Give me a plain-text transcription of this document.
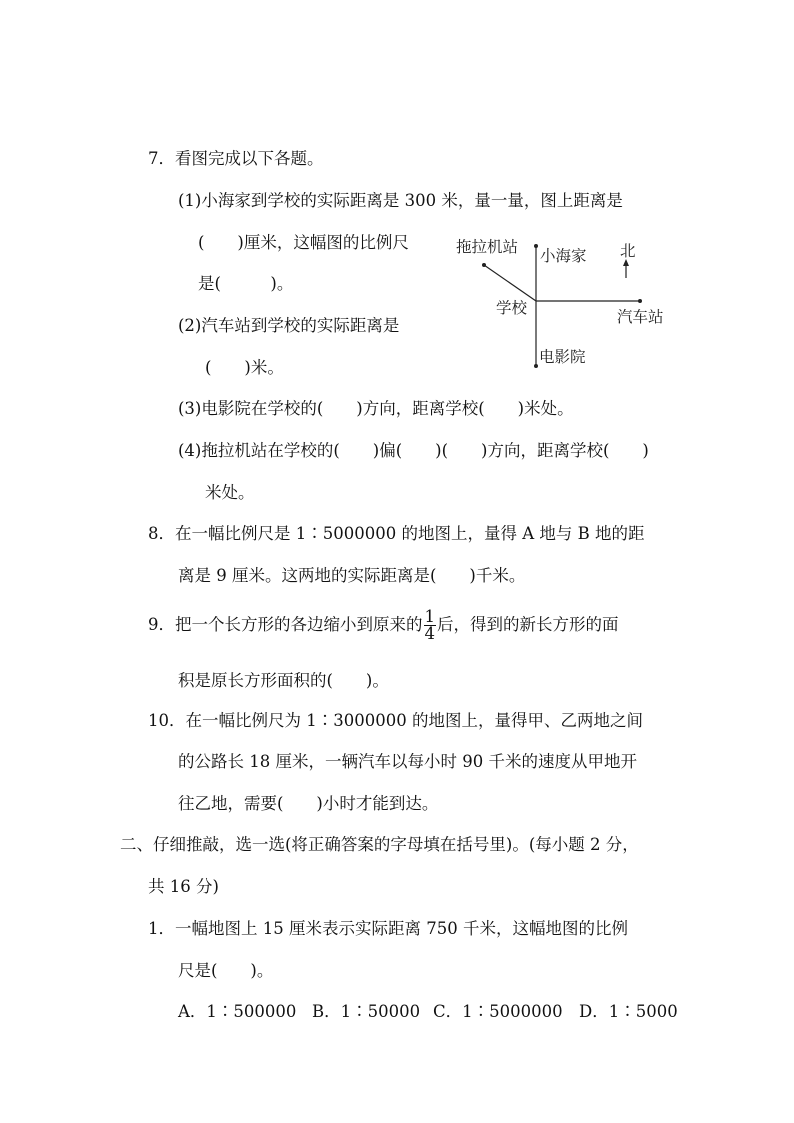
7．看图完成以下各题。
(1)小海家到学校的实际距离是 300 米，量一量，图上距离是
(　　)厘米，这幅图的比例尺
是(　　　)。
(2)汽车站到学校的实际距离是
(　　)米。
(3)电影院在学校的(　　)方向，距离学校(　　)米处。
(4)拖拉机站在学校的(　　)偏(　　)(　　)方向，距离学校(　　)
米处。
拖拉机站 小海家 北
学校	汽车站
电影院
8．在一幅比例尺是 1∶5000000 的地图上，量得 A 地与 B 地的距
离是 9 厘米。这两地的实际距离是(　　)千米。
9．把一个长方形的各边缩小到原来的 $\frac{1}{4}$ 后，得到的新长方形的面
积是原长方形面积的(　　)。
10．在一幅比例尺为 1∶3000000 的地图上，量得甲、乙两地之间
的公路长 18 厘米，一辆汽车以每小时 90 千米的速度从甲地开
往乙地，需要(　　)小时才能到达。
二、仔细推敲，选一选(将正确答案的字母填在括号里)。(每小题 2 分，
共 16 分)
1．一幅地图上 15 厘米表示实际距离 750 千米，这幅地图的比例
尺是(　　)。
A．1∶500000 B．1∶50000 C．1∶5000000 D．1∶5000
